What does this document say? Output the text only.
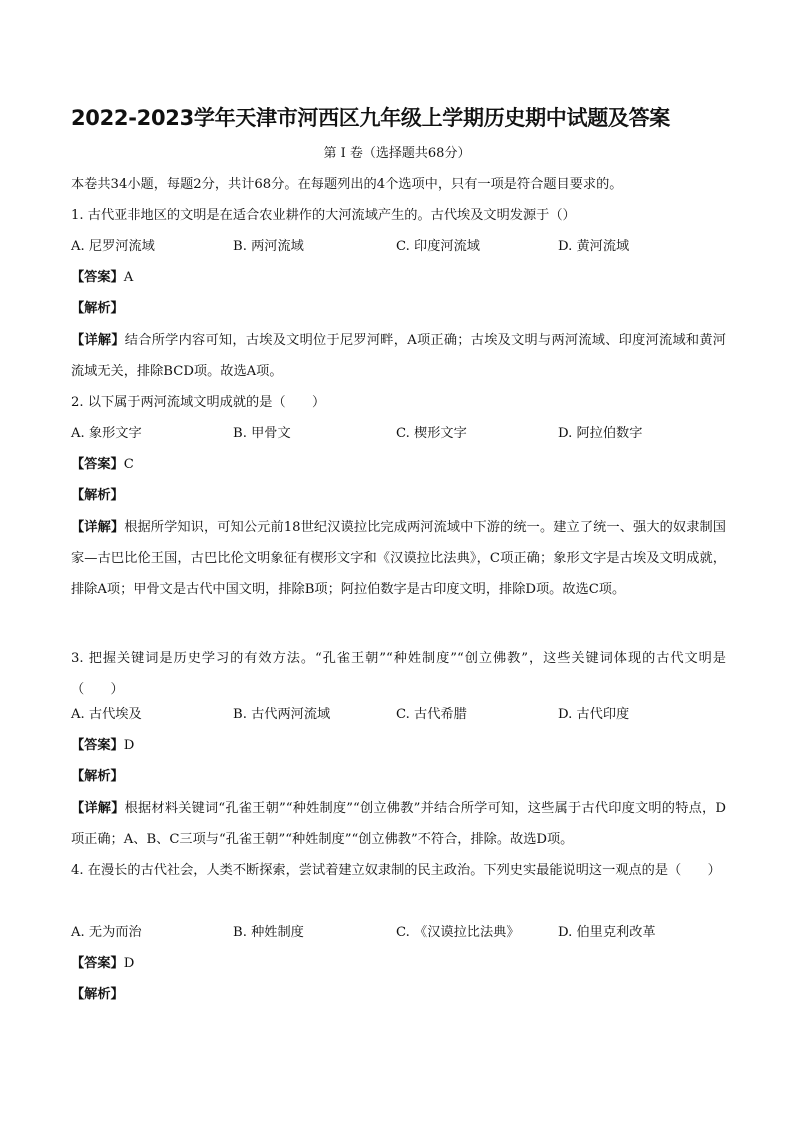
2022-2023学年天津市河西区九年级上学期历史期中试题及答案
第 I 卷（选择题共68分）
本卷共34小题，每题2分，共计68分。在每题列出的4个选项中，只有一项是符合题目要求的。
1. 古代亚非地区的文明是在适合农业耕作的大河流域产生的。古代埃及文明发源于（）
A. 尼罗河流域	B. 两河流域	C. 印度河流域	D. 黄河流域
【答案】A
【解析】
【详解】结合所学内容可知，古埃及文明位于尼罗河畔，A项正确；古埃及文明与两河流域、印度河流域和黄河流域无关，排除BCD项。故选A项。
2. 以下属于两河流域文明成就的是（　　）
A. 象形文字	B. 甲骨文	C. 楔形文字	D. 阿拉伯数字
【答案】C
【解析】
【详解】根据所学知识，可知公元前18世纪汉谟拉比完成两河流域中下游的统一。建立了统一、强大的奴隶制国家—古巴比伦王国，古巴比伦文明象征有楔形文字和《汉谟拉比法典》，C项正确；象形文字是古埃及文明成就，排除A项；甲骨文是古代中国文明，排除B项；阿拉伯数字是古印度文明，排除D项。故选C项。
3. 把握关键词是历史学习的有效方法。“孔雀王朝”“种姓制度”“创立佛教”，这些关键词体现的古代文明是（　　）
A. 古代埃及	B. 古代两河流域	C. 古代希腊	D. 古代印度
【答案】D
【解析】
【详解】根据材料关键词“孔雀王朝”“种姓制度”“创立佛教”并结合所学可知，这些属于古代印度文明的特点，D项正确；A、B、C三项与“孔雀王朝”“种姓制度”“创立佛教”不符合，排除。故选D项。
4. 在漫长的古代社会，人类不断探索，尝试着建立奴隶制的民主政治。下列史实最能说明这一观点的是（　　）
A. 无为而治	B. 种姓制度	C. 《汉谟拉比法典》	D. 伯里克利改革
【答案】D
【解析】
